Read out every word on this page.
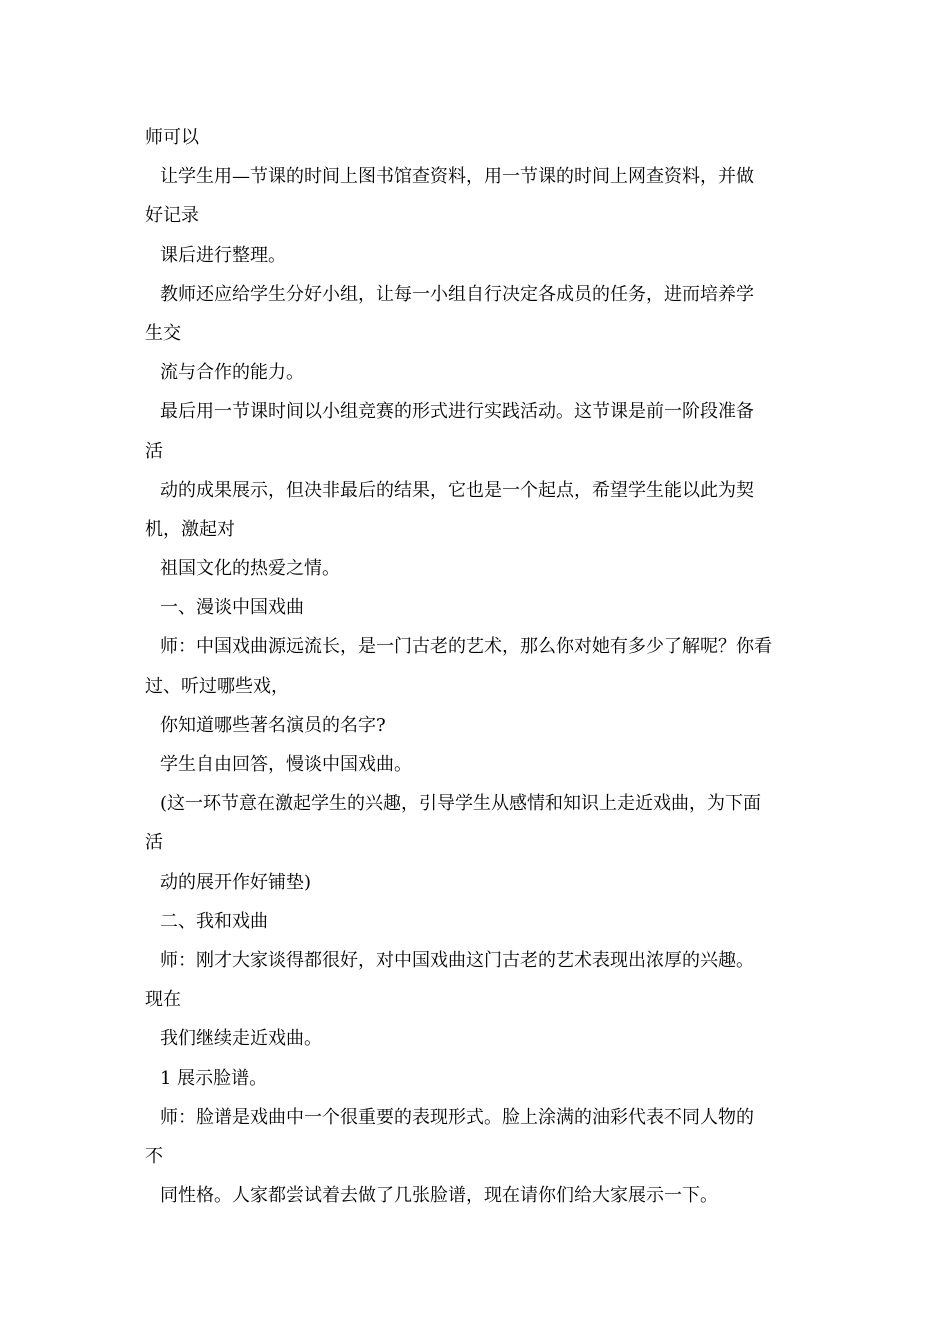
师可以
让学生用—节课的时间上图书馆查资料，用一节课的时间上网查资料，并做
好记录
课后进行整理。
教师还应给学生分好小组，让每一小组自行决定各成员的任务，进而培养学
生交
流与合作的能力。
最后用一节课时间以小组竞赛的形式进行实践活动。这节课是前一阶段准备
活
动的成果展示，但决非最后的结果，它也是一个起点，希望学生能以此为契
机，激起对
祖国文化的热爱之情。
一、漫谈中国戏曲
师：中国戏曲源远流长，是一门古老的艺术，那么你对她有多少了解呢？你看
过、听过哪些戏，
你知道哪些著名演员的名字?
学生自由回答，慢谈中国戏曲。
(这一环节意在激起学生的兴趣，引导学生从感情和知识上走近戏曲，为下面
活
动的展开作好铺垫)
二、我和戏曲
师：刚才大家谈得都很好，对中国戏曲这门古老的艺术表现出浓厚的兴趣。
现在
我们继续走近戏曲。
1 展示脸谱。
师：脸谱是戏曲中一个很重要的表现形式。脸上涂满的油彩代表不同人物的
不
同性格。人家都尝试着去做了几张脸谱，现在请你们给大家展示一下。
